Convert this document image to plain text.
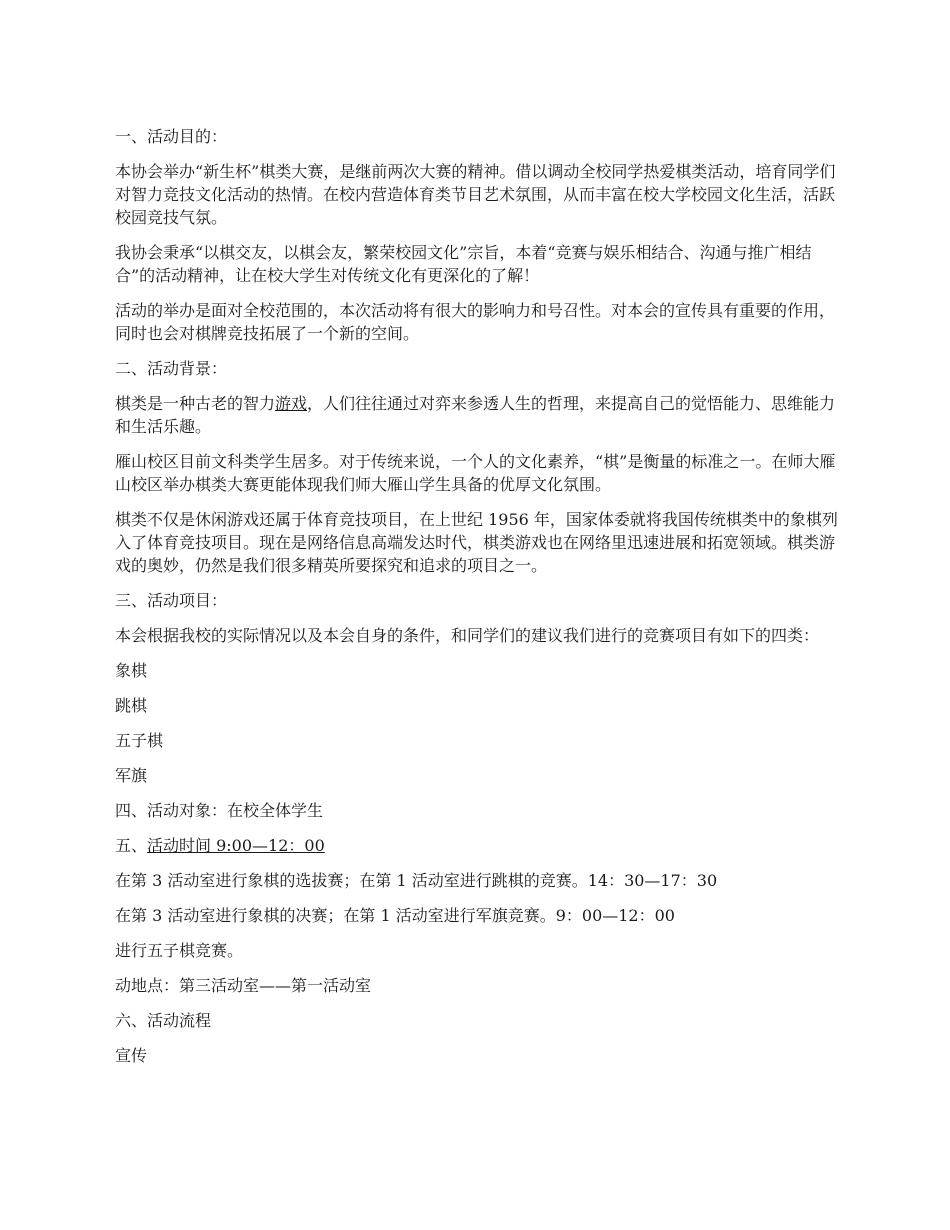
一、活动目的：

本协会举办“新生杯”棋类大赛，是继前两次大赛的精神。借以调动全校同学热爱棋类活动，培育同学们对智力竞技文化活动的热情。在校内营造体育类节目艺术氛围，从而丰富在校大学校园文化生活，活跃校园竞技气氛。

我协会秉承“以棋交友，以棋会友，繁荣校园文化”宗旨，本着“竞赛与娱乐相结合、沟通与推广相结合”的活动精神，让在校大学生对传统文化有更深化的了解！

活动的举办是面对全校范围的，本次活动将有很大的影响力和号召性。对本会的宣传具有重要的作用，同时也会对棋牌竞技拓展了一个新的空间。

二、活动背景：

棋类是一种古老的智力游戏，人们往往通过对弈来参透人生的哲理，来提高自己的觉悟能力、思维能力和生活乐趣。

雁山校区目前文科类学生居多。对于传统来说，一个人的文化素养，“棋”是衡量的标准之一。在师大雁山校区举办棋类大赛更能体现我们师大雁山学生具备的优厚文化氛围。

棋类不仅是休闲游戏还属于体育竞技项目，在上世纪 1956 年，国家体委就将我国传统棋类中的象棋列入了体育竞技项目。现在是网络信息高端发达时代，棋类游戏也在网络里迅速进展和拓宽领域。棋类游戏的奥妙，仍然是我们很多精英所要探究和追求的项目之一。

三、活动项目：

本会根据我校的实际情况以及本会自身的条件，和同学们的建议我们进行的竞赛项目有如下的四类：

象棋

跳棋

五子棋

军旗

四、活动对象：在校全体学生

五、活动时间 9:00—12：00

在第 3 活动室进行象棋的选拔赛；在第 1 活动室进行跳棋的竞赛。14：30—17：30

在第 3 活动室进行象棋的决赛；在第 1 活动室进行军旗竞赛。9：00—12：00

进行五子棋竞赛。

动地点：第三活动室——第一活动室

六、活动流程

宣传
